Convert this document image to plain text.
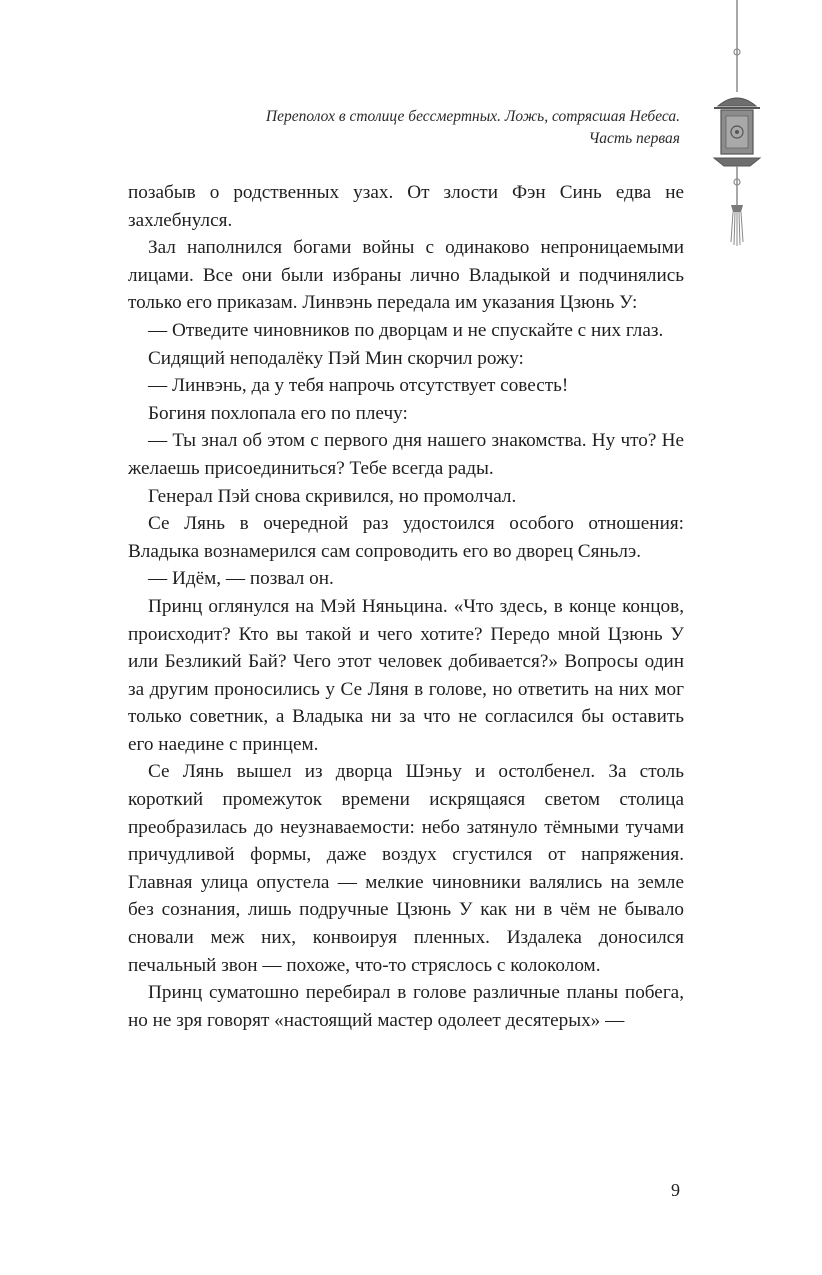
Переполох в столице бессмертных. Ложь, сотрясшая Небеса.
Часть первая

позабыв о родственных узах. От злости Фэн Синь едва не захлебнулся.

Зал наполнился богами войны с одинаково непроницаемыми лицами. Все они были избраны лично Владыкой и подчинялись только его приказам. Линвэнь передала им указания Цзюнь У:

— Отведите чиновников по дворцам и не спускайте с них глаз.

Сидящий неподалёку Пэй Мин скорчил рожу:

— Линвэнь, да у тебя напрочь отсутствует совесть!

Богиня похлопала его по плечу:

— Ты знал об этом с первого дня нашего знакомства. Ну что? Не желаешь присоединиться? Тебе всегда рады.

Генерал Пэй снова скривился, но промолчал.

Се Лянь в очередной раз удостоился особого отношения: Владыка вознамерился сам сопроводить его во дворец Сяньлэ.

— Идём, — позвал он.

Принц оглянулся на Мэй Няньцина. «Что здесь, в конце концов, происходит? Кто вы такой и чего хотите? Передо мной Цзюнь У или Безликий Бай? Чего этот человек добивается?» Вопросы один за другим проносились у Се Ляня в голове, но ответить на них мог только советник, а Владыка ни за что не согласился бы оставить его наедине с принцем.

Се Лянь вышел из дворца Шэньу и остолбенел. За столь короткий промежуток времени искрящаяся светом столица преобразилась до неузнаваемости: небо затянуло тёмными тучами причудливой формы, даже воздух сгустился от напряжения. Главная улица опустела — мелкие чиновники валялись на земле без сознания, лишь подручные Цзюнь У как ни в чём не бывало сновали меж них, конвоируя пленных. Издалека доносился печальный звон — похоже, что-то стряслось с колоколом.

Принц суматошно перебирал в голове различные планы побега, но не зря говорят «настоящий мастер одолеет десятерых» —

9
